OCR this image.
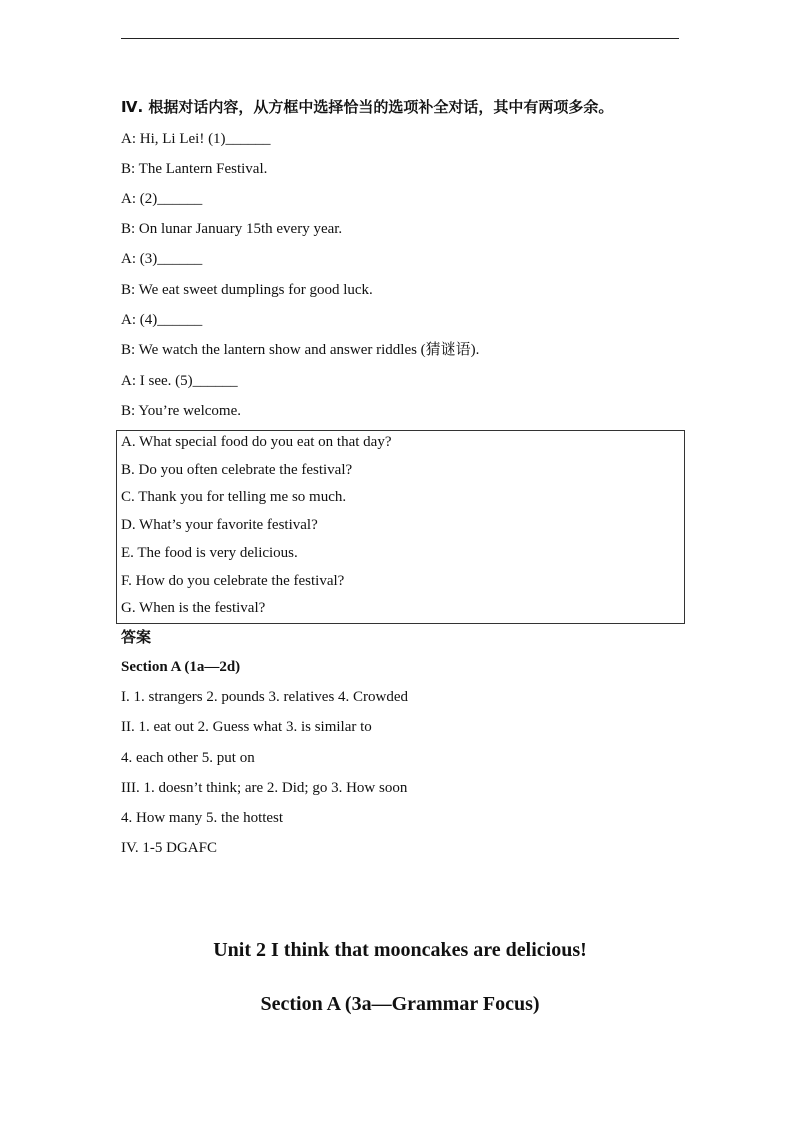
Ⅳ. 根据对话内容，从方框中选择恰当的选项补全对话，其中有两项多余。
A: Hi, Li Lei! (1)______
B: The Lantern Festival.
A: (2)______
B: On lunar January 15th every year.
A: (3)______
B: We eat sweet dumplings for good luck.
A: (4)______
B: We watch the lantern show and answer riddles (猜谜语).
A: I see. (5)______
B: You’re welcome.
A. What special food do you eat on that day?
B. Do you often celebrate the festival?
C. Thank you for telling me so much.
D. What’s your favorite festival?
E. The food is very delicious.
F. How do you celebrate the festival?
G. When is the festival?
答案
Section A (1a—2d)
I. 1. strangers 2. pounds 3. relatives 4. Crowded
II. 1. eat out 2. Guess what 3. is similar to
4. each other 5. put on
III. 1. doesn’t think; are 2. Did; go 3. How soon
4. How many 5. the hottest
IV. 1-5 DGAFC
Unit 2 I think that mooncakes are delicious!
Section A (3a—Grammar Focus)
